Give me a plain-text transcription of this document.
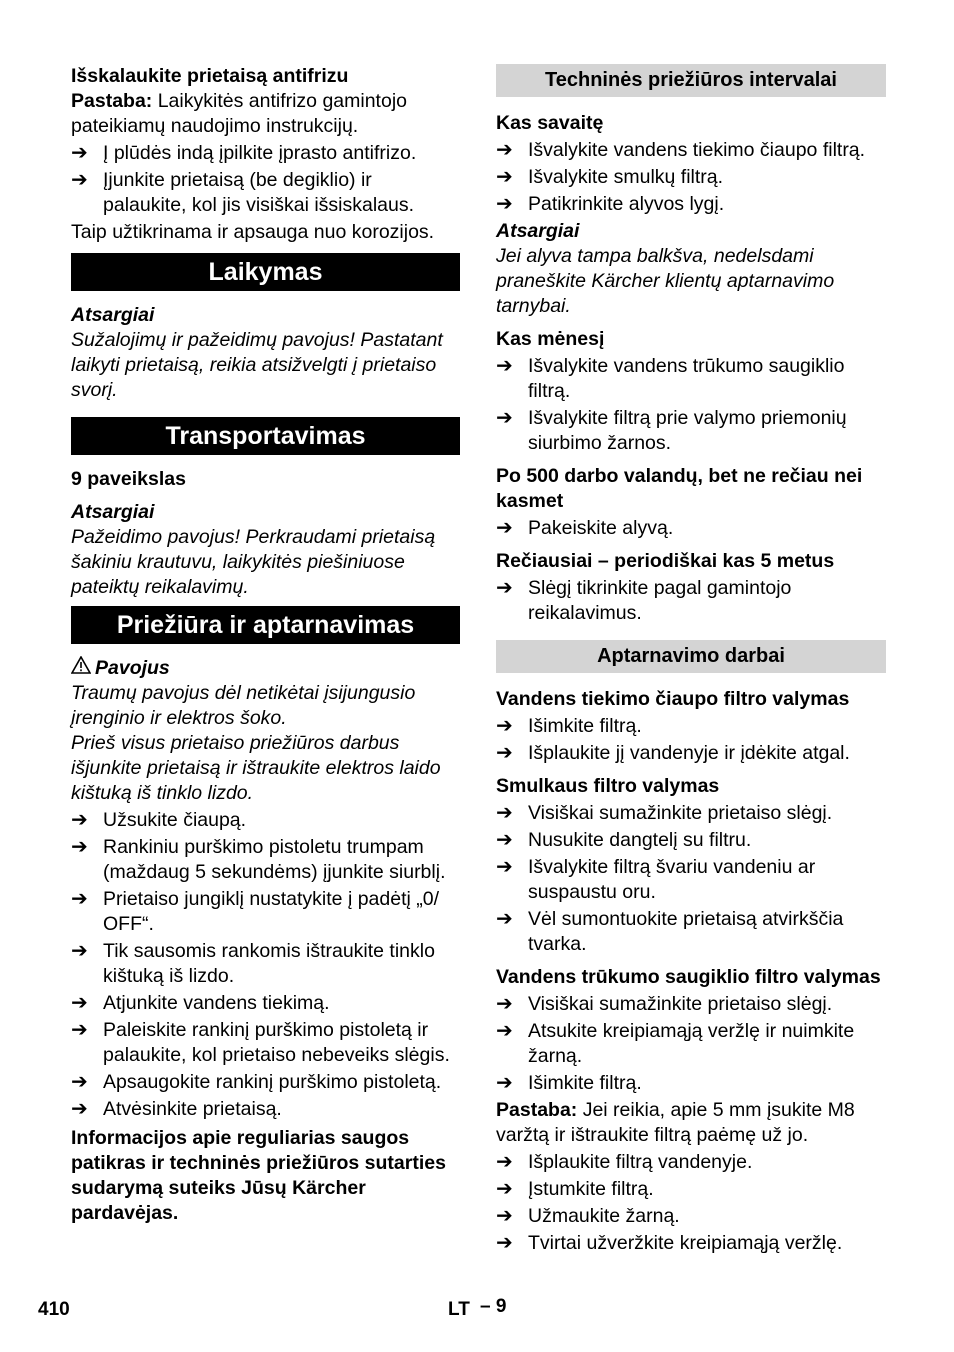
Išskalaukite prietaisą antifrizu

Pastaba: Laikykitės antifrizo gamintojo pateikiamų naudojimo instrukcijų.

➔ Į plūdės indą įpilkite įprasto antifrizo.
➔ Įjunkite prietaisą (be degiklio) ir palaukite, kol jis visiškai išsiskalaus.

Taip užtikrinama ir apsauga nuo korozijos.

Laikymas

Atsargiai

Sužalojimų ir pažeidimų pavojus! Pastatant laikyti prietaisą, reikia atsižvelgti į prietaiso svorį.

Transportavimas

9 paveikslas

Atsargiai

Pažeidimo pavojus! Perkraudami prietaisą šakiniu krautuvu, laikykitės piešiniuose pateiktų reikalavimų.

Priežiūra ir aptarnavimas

Pavojus

Traumų pavojus dėl netikėtai įsijungusio įrenginio ir elektros šoko.
Prieš visus prietaiso priežiūros darbus išjunkite prietaisą ir ištraukite elektros laido kištuką iš tinklo lizdo.

➔ Užsukite čiaupą.
➔ Rankiniu purškimo pistoletu trumpam (maždaug 5 sekundėms) įjunkite siurblį.
➔ Prietaiso jungiklį nustatykite į padėtį „0/ OFF“.
➔ Tik sausomis rankomis ištraukite tinklo kištuką iš lizdo.
➔ Atjunkite vandens tiekimą.
➔ Paleiskite rankinį purškimo pistoletą ir palaukite, kol prietaiso nebeveiks slėgis.
➔ Apsaugokite rankinį purškimo pistoletą.
➔ Atvėsinkite prietaisą.

Informacijos apie reguliarias saugos patikras ir techninės priežiūros sutarties sudarymą suteiks Jūsų Kärcher pardavėjas.

Techninės priežiūros intervalai

Kas savaitę

➔ Išvalykite vandens tiekimo čiaupo filtrą.
➔ Išvalykite smulkų filtrą.
➔ Patikrinkite alyvos lygį.

Atsargiai

Jei alyva tampa balkšva, nedelsdami praneškite Kärcher klientų aptarnavimo tarnybai.

Kas mėnesį

➔ Išvalykite vandens trūkumo saugiklio filtrą.
➔ Išvalykite filtrą prie valymo priemonių siurbimo žarnos.

Po 500 darbo valandų, bet ne rečiau nei kasmet

➔ Pakeiskite alyvą.

Rečiausiai – periodiškai kas 5 metus

➔ Slėgį tikrinkite pagal gamintojo reikalavimus.
Aptarnavimo darbai

Vandens tiekimo čiaupo filtro valymas

➔ Išimkite filtrą.
➔ Išplaukite jį vandenyje ir įdėkite atgal.

Smulkaus filtro valymas

➔ Visiškai sumažinkite prietaiso slėgį.
➔ Nusukite dangtelį su filtru.
➔ Išvalykite filtrą švariu vandeniu ar suspaustu oru.
➔ Vėl sumontuokite prietaisą atvirkščia tvarka.

Vandens trūkumo saugiklio filtro valymas

➔ Visiškai sumažinkite prietaiso slėgį.
➔ Atsukite kreipiamąją veržlę ir nuimkite žarną.
➔ Išimkite filtrą.

Pastaba: Jei reikia, apie 5 mm įsukite M8 varžtą ir ištraukite filtrą paėmę už jo.

➔ Išplaukite filtrą vandenyje.
➔ Įstumkite filtrą.
➔ Užmaukite žarną.
➔ Tvirtai užveržkite kreipiamąją veržlę.
410	LT – 9
